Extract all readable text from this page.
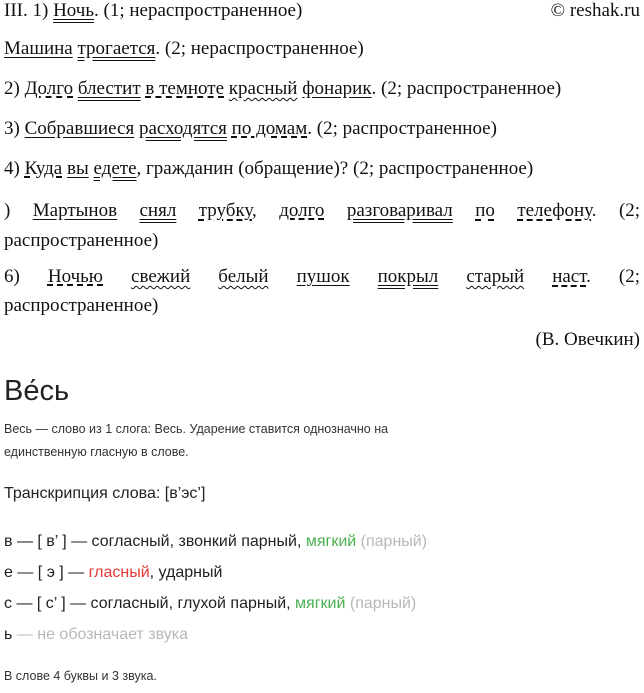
III. 1) Ночь. (1; нераспространенное)	© reshak.ru
Машина трогается. (2; нераспространенное)
2) Долго блестит в темноте красный фонарик. (2; распространенное)
3) Собравшиеся расходятся по домам. (2; распространенное)
4) Куда вы едете, гражданин (обращение)? (2; распространенное)
) Мартынов снял трубку, долго разговаривал по телефону. (2;
распространенное)
6) Ночью свежий белый пушок покрыл старый наст. (2;
распространенное)
(В. Овечкин)
Ве́сь
Весь — слово из 1 слога: Весь. Ударение ставится однозначно на единственную гласную в слове.
Транскрипция слова: [в’эс’]
в — [ в’ ] — согласный, звонкий парный, мягкий (парный)
е — [ э ] — гласный, ударный
с — [ с’ ] — согласный, глухой парный, мягкий (парный)
ь — не обозначает звука
В слове 4 буквы и 3 звука.
